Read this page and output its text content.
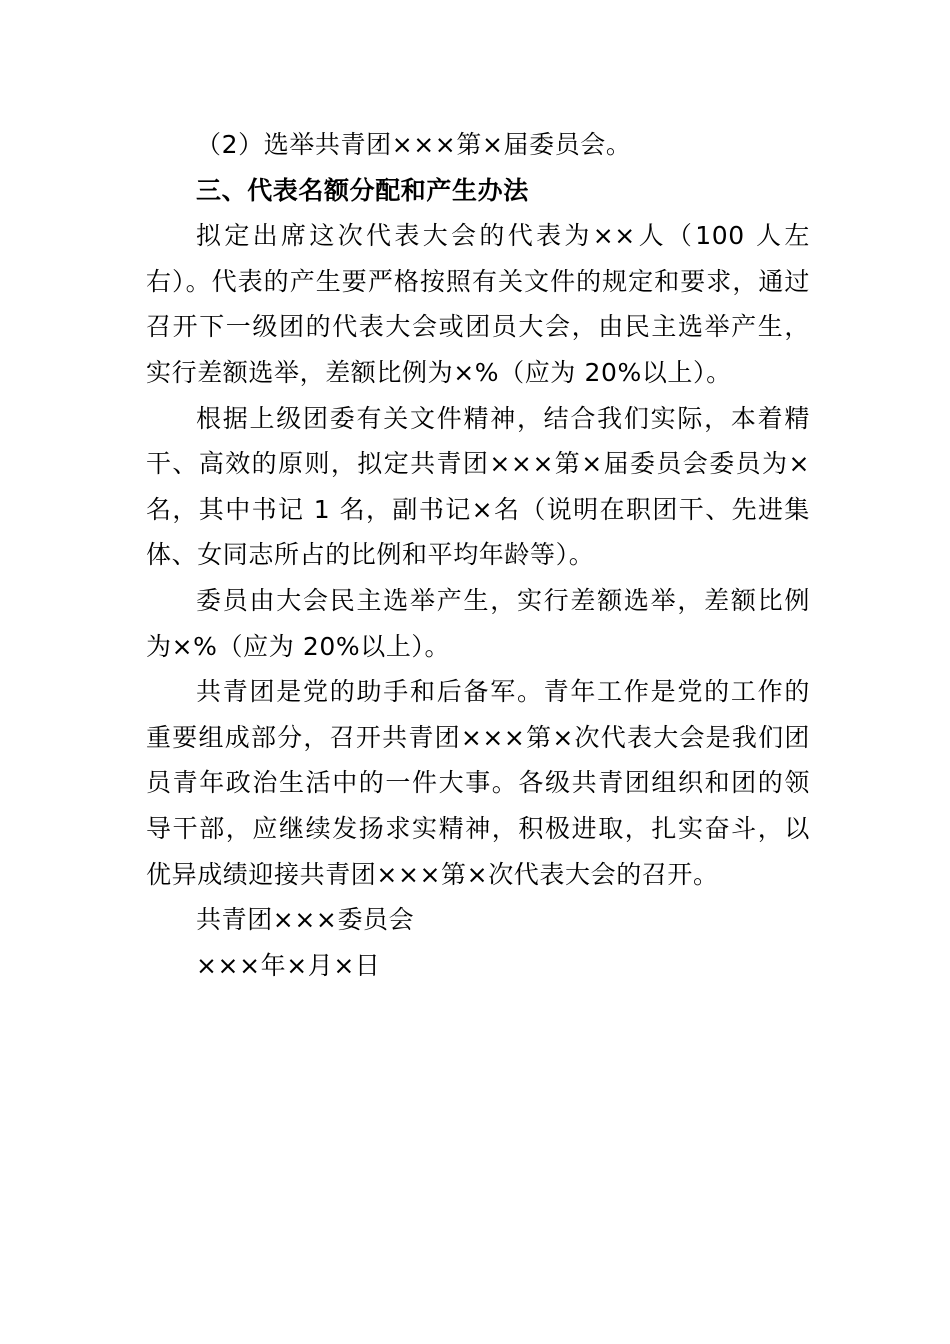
（2）选举共青团×××第×届委员会。

三、代表名额分配和产生办法

拟定出席这次代表大会的代表为××人（100 人左右）。代表的产生要严格按照有关文件的规定和要求，通过召开下一级团的代表大会或团员大会，由民主选举产生，实行差额选举，差额比例为×%（应为 20%以上）。

根据上级团委有关文件精神，结合我们实际，本着精干、高效的原则，拟定共青团×××第×届委员会委员为×名，其中书记 1 名，副书记×名（说明在职团干、先进集体、女同志所占的比例和平均年龄等）。

委员由大会民主选举产生，实行差额选举，差额比例为×%（应为 20%以上）。

共青团是党的助手和后备军。青年工作是党的工作的重要组成部分，召开共青团×××第×次代表大会是我们团员青年政治生活中的一件大事。各级共青团组织和团的领导干部，应继续发扬求实精神，积极进取，扎实奋斗，以优异成绩迎接共青团×××第×次代表大会的召开。

共青团×××委员会

×××年×月×日
